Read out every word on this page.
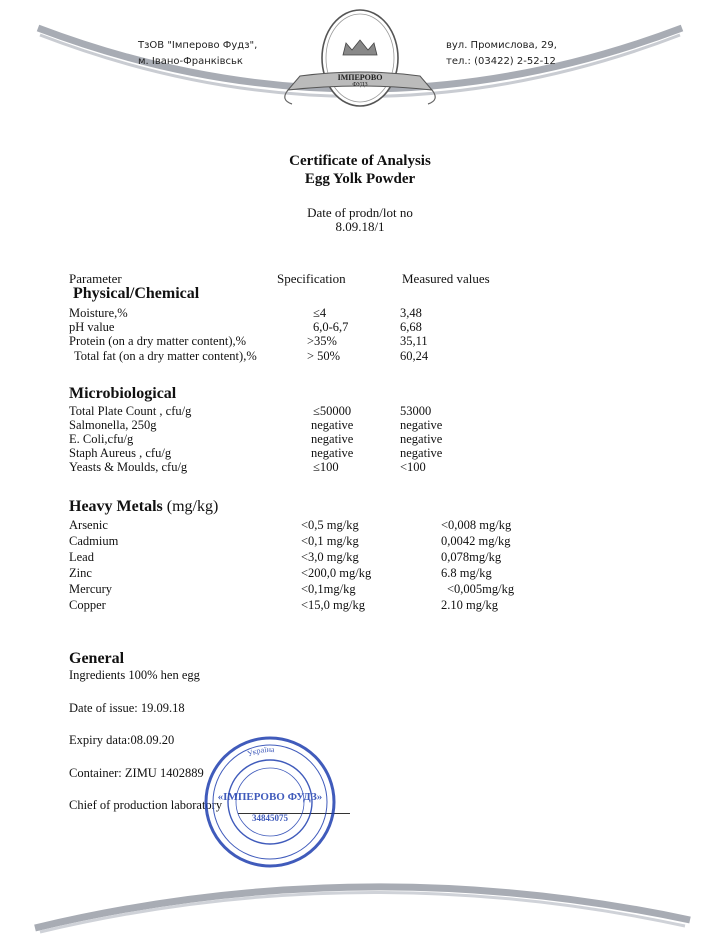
ТзОВ "Імперово Фудз",
м. Івано-Франківськ
вул. Промислова, 29,
тел.: (03422) 2-52-12
ІМПЕРОВО
ФУДЗ
Certificate of Analysis
Egg Yolk Powder
Date of prodn/lot no
8.09.18/1
Parameter	Specification	Measured values
Physical/Chemical
Moisture,%	≤4	3,48
pH value	6,0-6,7	6,68
Protein (on a dry matter content),%	>35%	35,11
Total fat (on a dry matter content),%	> 50%	60,24
Microbiological
Total Plate Count , cfu/g	≤50000	53000
Salmonella, 250g	negative	negative
E. Coli,cfu/g	negative	negative
Staph Aureus , cfu/g	negative	negative
Yeasts & Moulds, cfu/g	≤100	<100
Heavy Metals (mg/kg)
Arsenic	<0,5 mg/kg	<0,008 mg/kg
Cadmium	<0,1 mg/kg	0,0042 mg/kg
Lead	<3,0 mg/kg	0,078mg/kg
Zinc	<200,0 mg/kg	6.8 mg/kg
Mercury	<0,1mg/kg	<0,005mg/kg
Copper	<15,0 mg/kg	2.10 mg/kg
General
Ingredients 100% hen egg
Date of issue: 19.09.18
Expiry data:08.09.20
Container: ZIMU 1402889
Chief of production laboratory
Україна
«ІМПЕРОВО ФУДЗ»
34845075
